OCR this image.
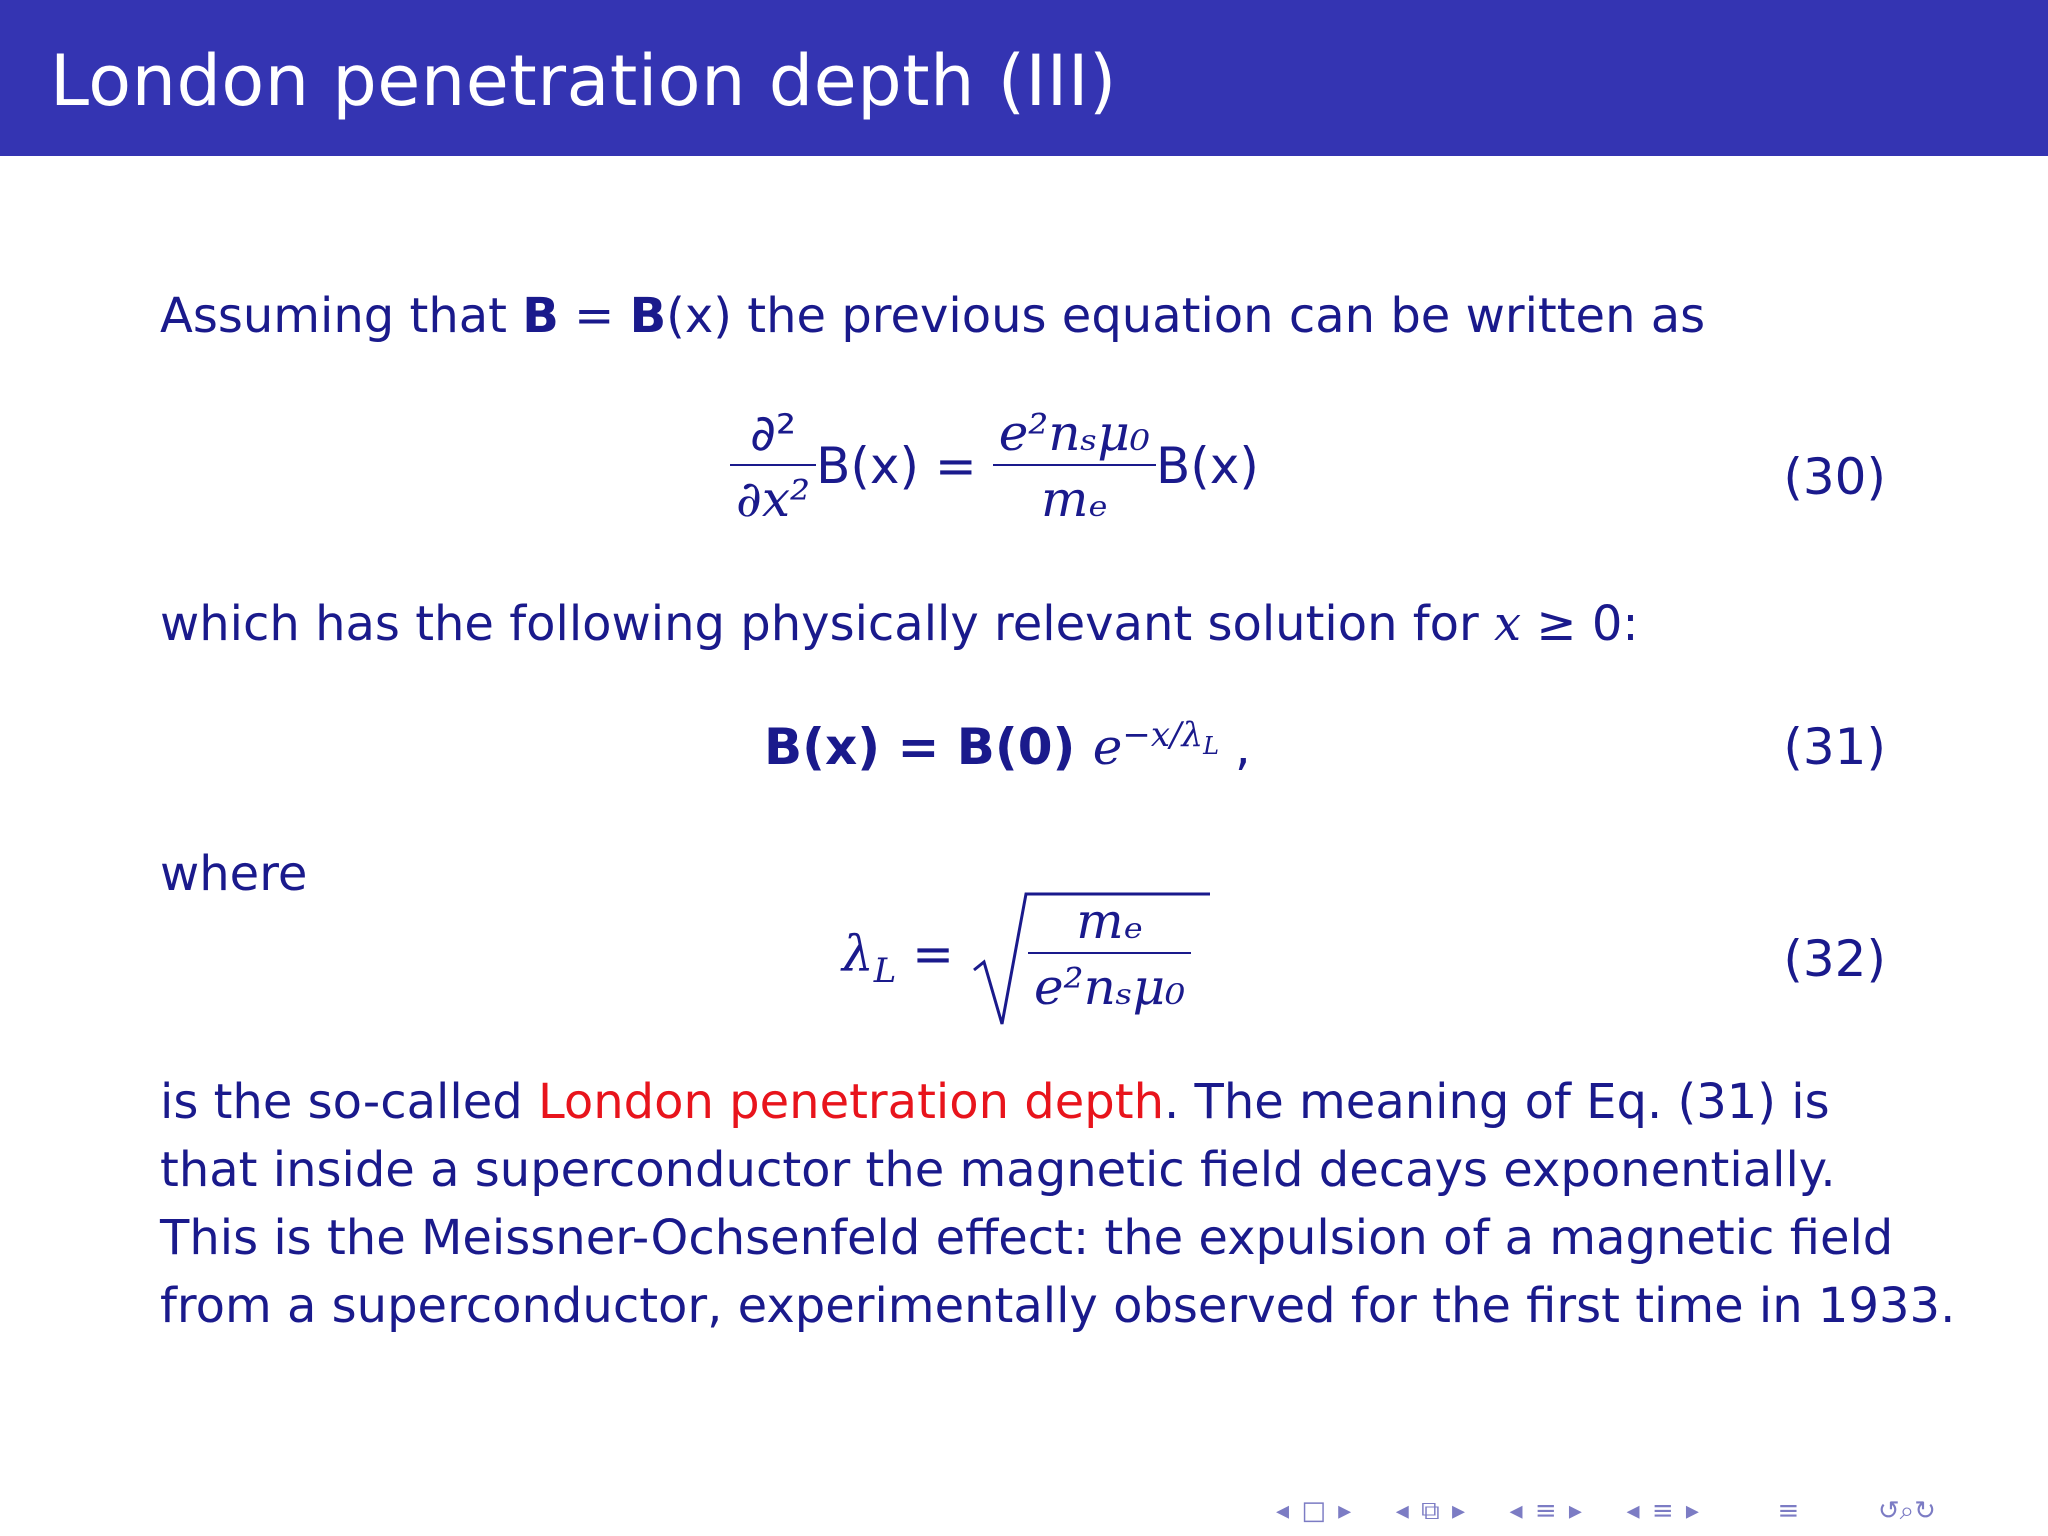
London penetration depth (III)
Assuming that B = B(x) the previous equation can be written as
$\frac{\text{∂²}}{\text{∂x²}} B(x) = \frac{\text{e²nₛμ₀}}{\text{mₑ}} B(x)$	(30)
which has the following physically relevant solution for x ≥ 0:
B(x) = B(0) $e^{-x/\lambda_L}$ ,	(31)
where
$\lambda_L = \frac{\text{mₑ}}{\text{e²nₛμ₀}}$	(32)
is the so-called London penetration depth. The meaning of Eq. (31) is
that inside a superconductor the magnetic field decays exponentially.
This is the Meissner-Ochsenfeld effect: the expulsion of a magnetic field
from a superconductor, experimentally observed for the first time in 1933.
◂ □ ▸ ◂ ⧉ ▸ ◂ ≡ ▸ ◂ ≡ ▸	≡	↺⌕↻
